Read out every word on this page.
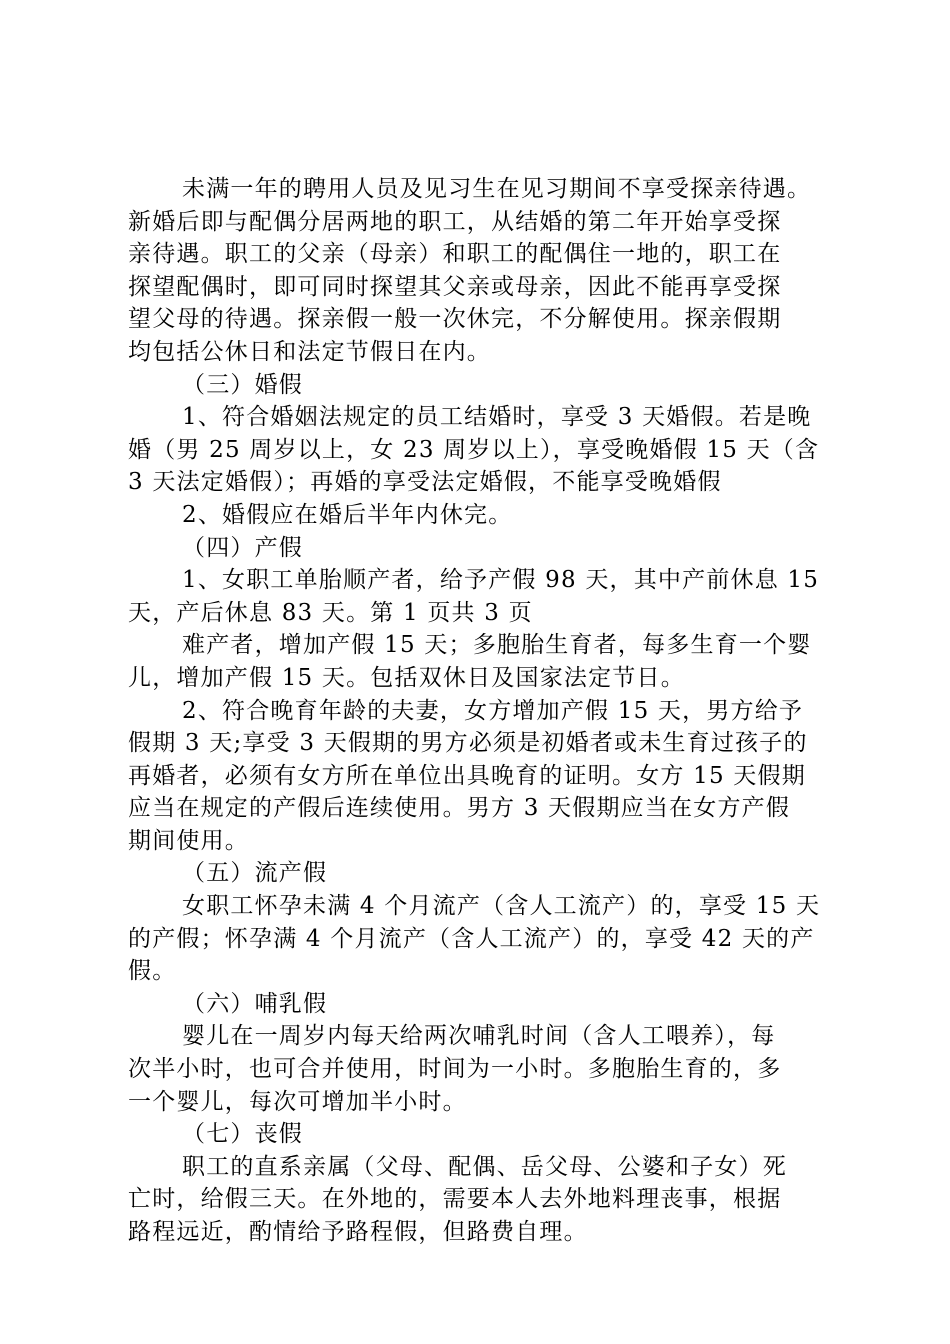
未满一年的聘用人员及见习生在见习期间不享受探亲待遇。
新婚后即与配偶分居两地的职工，从结婚的第二年开始享受探
亲待遇。职工的父亲（母亲）和职工的配偶住一地的，职工在
探望配偶时，即可同时探望其父亲或母亲，因此不能再享受探
望父母的待遇。探亲假一般一次休完，不分解使用。探亲假期
均包括公休日和法定节假日在内。
（三）婚假
1、符合婚姻法规定的员工结婚时，享受 3 天婚假。若是晚
婚（男 25 周岁以上，女 23 周岁以上），享受晚婚假 15 天（含
3 天法定婚假）；再婚的享受法定婚假，不能享受晚婚假
2、婚假应在婚后半年内休完。
（四）产假
1、女职工单胎顺产者，给予产假 98 天，其中产前休息 15
天，产后休息 83 天。第 1 页共 3 页
难产者，增加产假 15 天；多胞胎生育者，每多生育一个婴
儿，增加产假 15 天。包括双休日及国家法定节日。
2、符合晚育年龄的夫妻，女方增加产假 15 天，男方给予
假期 3 天;享受 3 天假期的男方必须是初婚者或未生育过孩子的
再婚者，必须有女方所在单位出具晚育的证明。女方 15 天假期
应当在规定的产假后连续使用。男方 3 天假期应当在女方产假
期间使用。
（五）流产假
女职工怀孕未满 4 个月流产（含人工流产）的，享受 15 天
的产假；怀孕满 4 个月流产（含人工流产）的，享受 42 天的产
假。
（六）哺乳假
婴儿在一周岁内每天给两次哺乳时间（含人工喂养），每
次半小时，也可合并使用，时间为一小时。多胞胎生育的，多
一个婴儿，每次可增加半小时。
（七）丧假
职工的直系亲属（父母、配偶、岳父母、公婆和子女）死
亡时，给假三天。在外地的，需要本人去外地料理丧事，根据
路程远近，酌情给予路程假，但路费自理。
